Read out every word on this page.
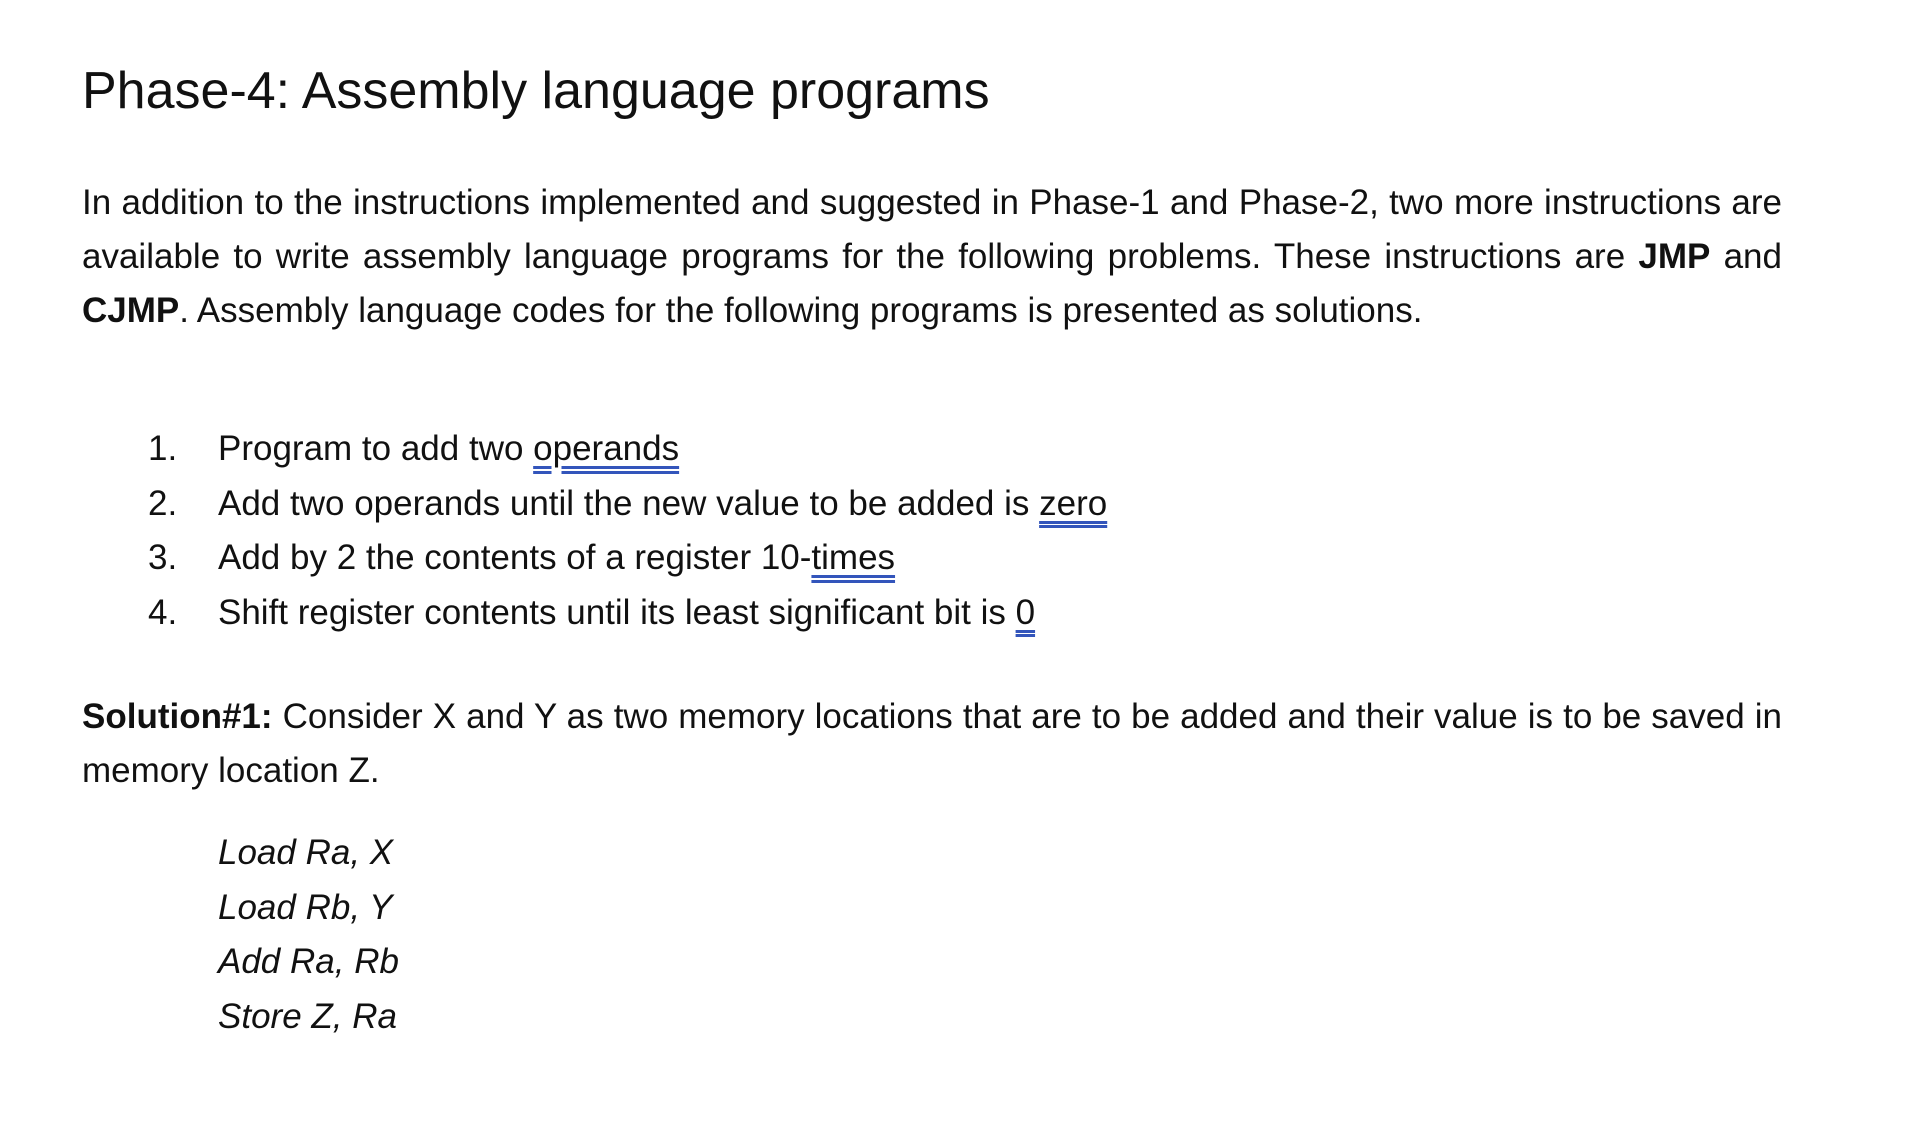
Phase-4: Assembly language programs

In addition to the instructions implemented and suggested in Phase-1 and Phase-2, two more instructions are available to write assembly language programs for the following problems. These instructions are JMP and CJMP. Assembly language codes for the following programs is presented as solutions.

1. Program to add two operands
2. Add two operands until the new value to be added is zero
3. Add by 2 the contents of a register 10-times
4. Shift register contents until its least significant bit is 0

Solution#1: Consider X and Y as two memory locations that are to be added and their value is to be saved in memory location Z.

Load Ra, X
Load Rb, Y
Add Ra, Rb
Store Z, Ra
